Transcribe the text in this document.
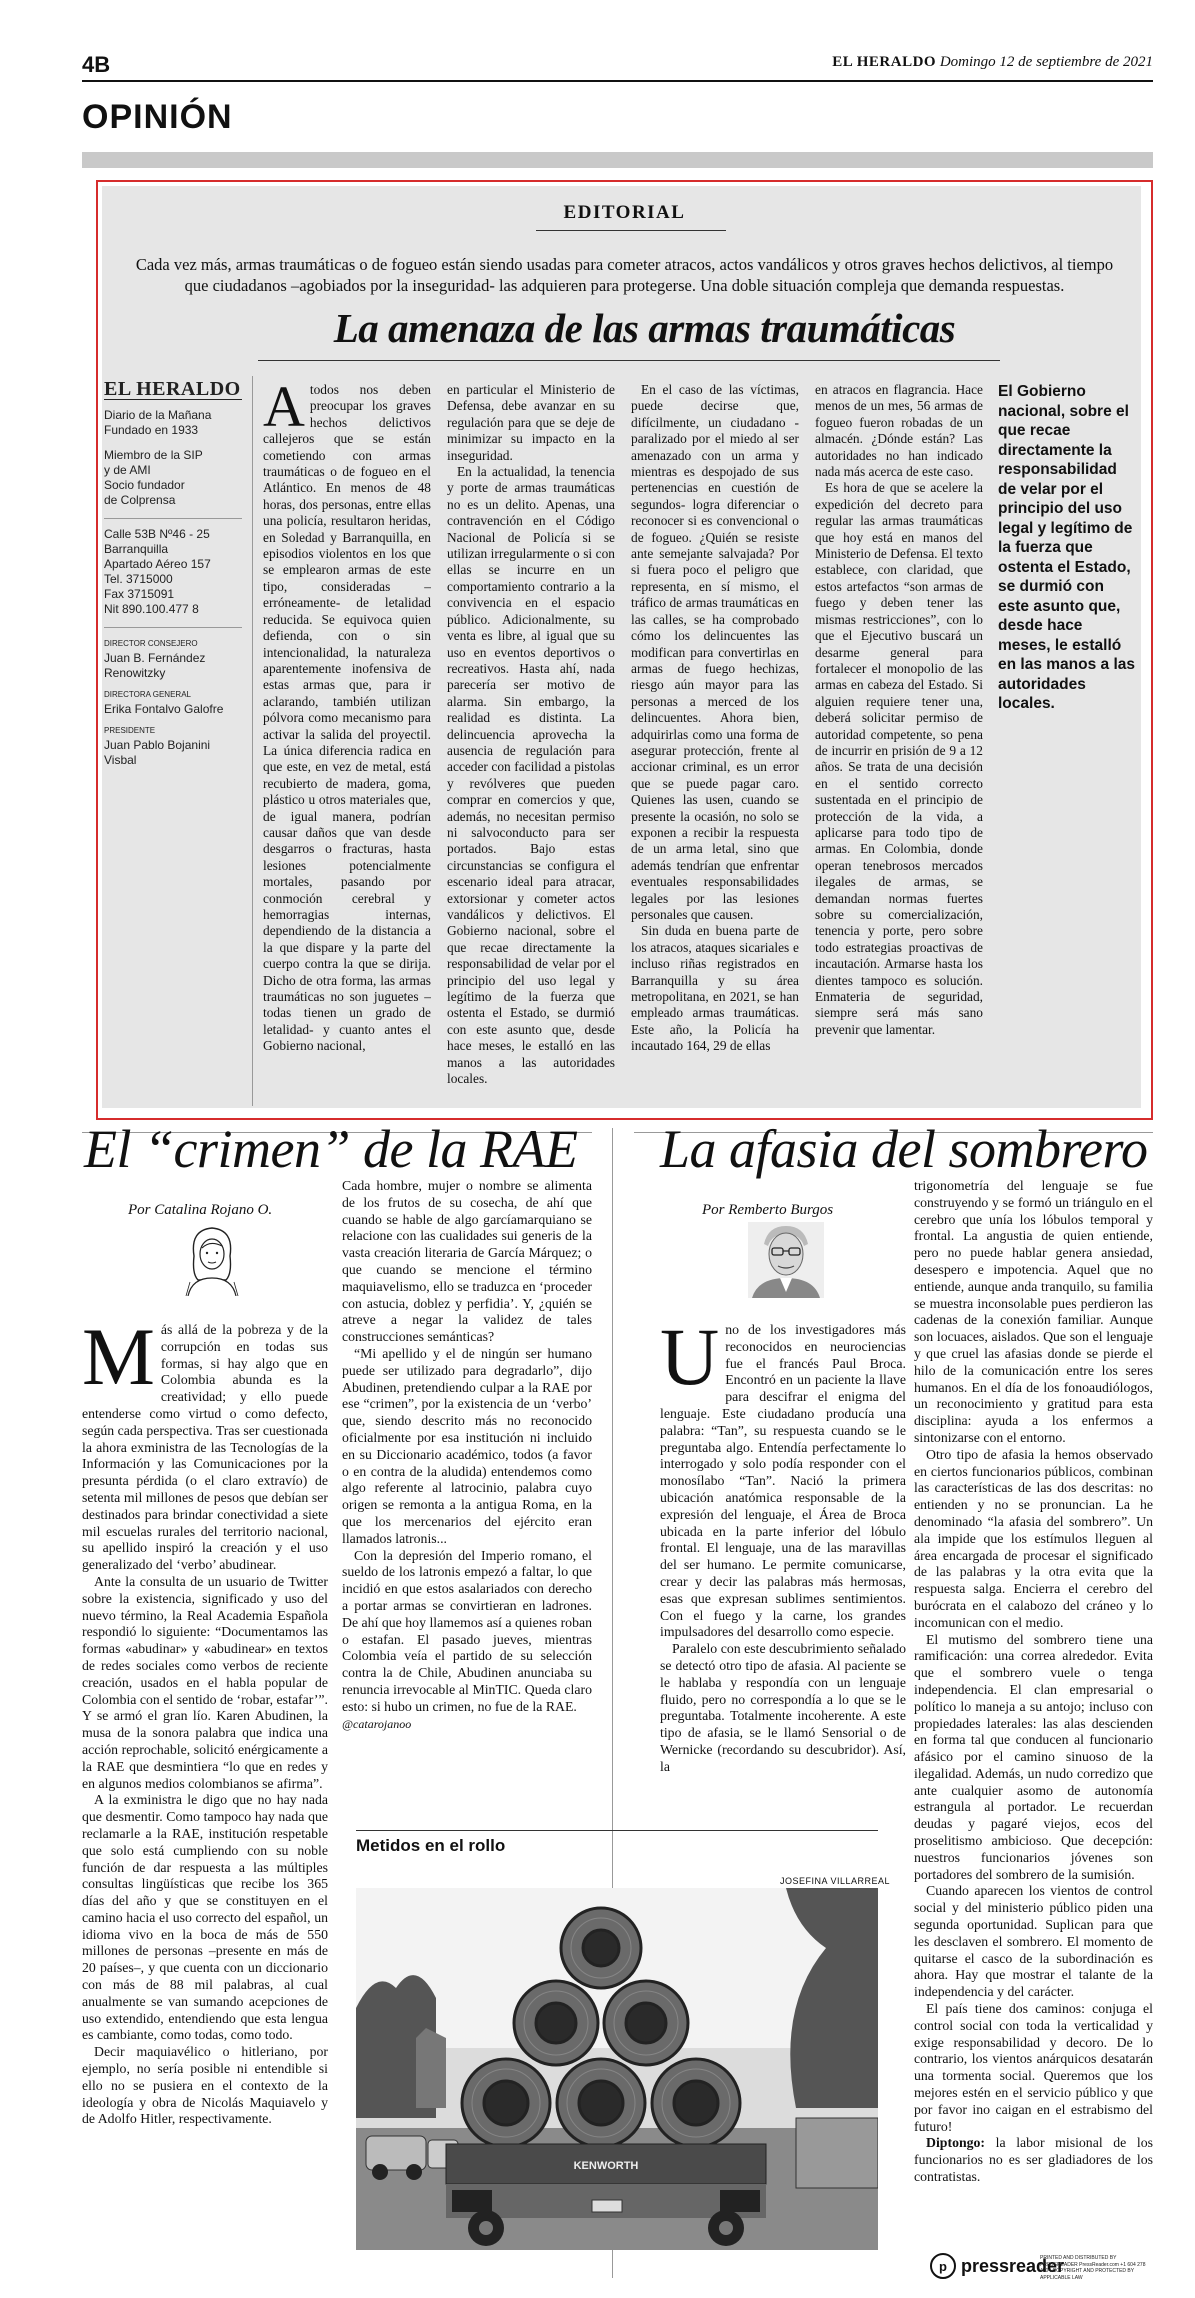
4B	EL HERALDO Domingo 12 de septiembre de 2021
OPINIÓN
EDITORIAL
Cada vez más, armas traumáticas o de fogueo están siendo usadas para cometer atracos, actos vandálicos y otros graves hechos delictivos, al tiempo que ciudadanos –agobiados por la inseguridad- las adquieren para protegerse. Una doble situación compleja que demanda respuestas.
La amenaza de las armas traumáticas
EL HERALDO
Diario de la Mañana
Fundado en 1933
Miembro de la SIP
y de AMI
Socio fundador
de Colprensa
Calle 53B Nº46 - 25
Barranquilla
Apartado Aéreo 157
Tel. 3715000
Fax 3715091
Nit 890.100.477 8
DIRECTOR CONSEJERO
Juan B. Fernández Renowitzky
DIRECTORA GENERAL
Erika Fontalvo Galofre
PRESIDENTE
Juan Pablo Bojanini Visbal

Atodos nos deben preocupar los graves hechos delictivos callejeros que se están cometiendo con armas traumáticas o de fogueo en el Atlántico. En menos de 48 horas, dos personas, entre ellas una policía, resultaron heridas, en Soledad y Barranquilla, en episodios violentos en los que se emplearon armas de este tipo, consideradas –erróneamente- de letalidad reducida. Se equivoca quien defienda, con o sin intencionalidad, la naturaleza aparentemente inofensiva de estas armas que, para ir aclarando, también utilizan pólvora como mecanismo para activar la salida del proyectil. La única diferencia radica en que este, en vez de metal, está recubierto de madera, goma, plástico u otros materiales que, de igual manera, podrían causar daños que van desde desgarros o fracturas, hasta lesiones potencialmente mortales, pasando por conmoción cerebral y hemorragias internas, dependiendo de la distancia a la que dispare y la parte del cuerpo contra la que se dirija. Dicho de otra forma, las armas traumáticas no son juguetes –todas tienen un grado de letalidad- y cuanto antes el Gobierno nacional,

en particular el Ministerio de Defensa, debe avanzar en su regulación para que se deje de minimizar su impacto en la inseguridad.

En la actualidad, la tenencia y porte de armas traumáticas no es un delito. Apenas, una contravención en el Código Nacional de Policía si se utilizan irregularmente o si con ellas se incurre en un comportamiento contrario a la convivencia en el espacio público. Adicionalmente, su venta es libre, al igual que su uso en eventos deportivos o recreativos. Hasta ahí, nada parecería ser motivo de alarma. Sin embargo, la realidad es distinta. La delincuencia aprovecha la ausencia de regulación para acceder con facilidad a pistolas y revólveres que pueden comprar en comercios y que, además, no necesitan permiso ni salvoconducto para ser portados. Bajo estas circunstancias se configura el escenario ideal para atracar, extorsionar y cometer actos vandálicos y delictivos. El Gobierno nacional, sobre el que recae directamente la responsabilidad de velar por el principio del uso legal y legítimo de la fuerza que ostenta el Estado, se durmió con este asunto que, desde hace meses, le estalló en las manos a las autoridades locales.

En el caso de las víctimas, puede decirse que, difícilmente, un ciudadano - paralizado por el miedo al ser amenazado con un arma y mientras es despojado de sus pertenencias en cuestión de segundos- logra diferenciar o reconocer si es convencional o de fogueo. ¿Quién se resiste ante semejante salvajada? Por si fuera poco el peligro que representa, en sí mismo, el tráfico de armas traumáticas en las calles, se ha comprobado cómo los delincuentes las modifican para convertirlas en armas de fuego hechizas, riesgo aún mayor para las personas a merced de los delincuentes. Ahora bien, adquirirlas como una forma de asegurar protección, frente al accionar criminal, es un error que se puede pagar caro. Quienes las usen, cuando se presente la ocasión, no solo se exponen a recibir la respuesta de un arma letal, sino que además tendrían que enfrentar eventuales responsabilidades legales por las lesiones personales que causen.

Sin duda en buena parte de los atracos, ataques sicariales e incluso riñas registrados en Barranquilla y su área metropolitana, en 2021, se han empleado armas traumáticas. Este año, la Policía ha incautado 164, 29 de ellas

en atracos en flagrancia. Hace menos de un mes, 56 armas de fogueo fueron robadas de un almacén. ¿Dónde están? Las autoridades no han indicado nada más acerca de este caso.

Es hora de que se acelere la expedición del decreto para regular las armas traumáticas que hoy está en manos del Ministerio de Defensa. El texto establece, con claridad, que estos artefactos “son armas de fuego y deben tener las mismas restricciones”, con lo que el Ejecutivo buscará un desarme general para fortalecer el monopolio de las armas en cabeza del Estado. Si alguien requiere tener una, deberá solicitar permiso de autoridad competente, so pena de incurrir en prisión de 9 a 12 años. Se trata de una decisión en el sentido correcto sustentada en el principio de protección de la vida, a aplicarse para todo tipo de armas. En Colombia, donde operan tenebrosos mercados ilegales de armas, se demandan normas fuertes sobre su comercialización, tenencia y porte, pero sobre todo estrategias proactivas de incautación. Armarse hasta los dientes tampoco es solución. Enmateria de seguridad, siempre será más sano prevenir que lamentar.

El Gobierno nacional, sobre el que recae directamente la responsabilidad de velar por el principio del uso legal y legítimo de la fuerza que ostenta el Estado, se durmió con este asunto que, desde hace meses, le estalló en las manos a las autoridades locales.
El “crimen” de la RAE
Por Catalina Rojano O.

Más allá de la pobreza y de la corrupción en todas sus formas, si hay algo que en Colombia abunda es la creatividad; y ello puede entenderse como virtud o como defecto, según cada perspectiva. Tras ser cuestionada la ahora exministra de las Tecnologías de la Información y las Comunicaciones por la presunta pérdida (o el claro extravío) de setenta mil millones de pesos que debían ser destinados para brindar conectividad a siete mil escuelas rurales del territorio nacional, su apellido inspiró la creación y el uso generalizado del ‘verbo’ abudinear.

Ante la consulta de un usuario de Twitter sobre la existencia, significado y uso del nuevo término, la Real Academia Española respondió lo siguiente: “Documentamos las formas «abudinar» y «abudinear» en textos de redes sociales como verbos de reciente creación, usados en el habla popular de Colombia con el sentido de ‘robar, estafar’”. Y se armó el gran lío. Karen Abudinen, la musa de la sonora palabra que indica una acción reprochable, solicitó enérgicamente a la RAE que desmintiera “lo que en redes y en algunos medios colombianos se afirma”.

A la exministra le digo que no hay nada que desmentir. Como tampoco hay nada que reclamarle a la RAE, institución respetable que solo está cumpliendo con su noble función de dar respuesta a las múltiples consultas lingüísticas que recibe los 365 días del año y que se constituyen en el camino hacia el uso correcto del español, un idioma vivo en la boca de más de 550 millones de personas –presente en más de 20 países–, y que cuenta con un diccionario con más de 88 mil palabras, al cual anualmente se van sumando acepciones de uso extendido, entendiendo que esta lengua es cambiante, como todas, como todo.

Decir maquiavélico o hitleriano, por ejemplo, no sería posible ni entendible si ello no se pusiera en el contexto de la ideología y obra de Nicolás Maquiavelo y de Adolfo Hitler, respectivamente.

Cada hombre, mujer o nombre se alimenta de los frutos de su cosecha, de ahí que cuando se hable de algo garcíamarquiano se relacione con las cualidades sui generis de la vasta creación literaria de García Márquez; o que cuando se mencione el término maquiavelismo, ello se traduzca en ‘proceder con astucia, doblez y perfidia’. Y, ¿quién se atreve a negar la validez de tales construcciones semánticas?

“Mi apellido y el de ningún ser humano puede ser utilizado para degradarlo”, dijo Abudinen, pretendiendo culpar a la RAE por ese “crimen”, por la existencia de un ‘verbo’ que, siendo descrito más no reconocido oficialmente por esa institución ni incluido en su Diccionario académico, todos (a favor o en contra de la aludida) entendemos como algo referente al latrocinio, palabra cuyo origen se remonta a la antigua Roma, en la que los mercenarios del ejército eran llamados latronis...

Con la depresión del Imperio romano, el sueldo de los latronis empezó a faltar, lo que incidió en que estos asalariados con derecho a portar armas se convirtieran en ladrones. De ahí que hoy llamemos así a quienes roban o estafan. El pasado jueves, mientras Colombia veía el partido de su selección contra la de Chile, Abudinen anunciaba su renuncia irrevocable al MinTIC. Queda claro esto: si hubo un crimen, no fue de la RAE.

@catarojanoo

La afasia del sombrero
Por Remberto Burgos

Uno de los investigadores más reconocidos en neurociencias fue el francés Paul Broca. Encontró en un paciente la llave para descifrar el enigma del lenguaje. Este ciudadano producía una palabra: “Tan”, su respuesta cuando se le preguntaba algo. Entendía perfectamente lo interrogado y solo podía responder con el monosílabo “Tan”. Nació la primera ubicación anatómica responsable de la expresión del lenguaje, el Área de Broca ubicada en la parte inferior del lóbulo frontal. El lenguaje, una de las maravillas del ser humano. Le permite comunicarse, crear y decir las palabras más hermosas, esas que expresan sublimes sentimientos. Con el fuego y la carne, los grandes impulsadores del desarrollo como especie.

Paralelo con este descubrimiento señalado se detectó otro tipo de afasia. Al paciente se le hablaba y respondía con un lenguaje fluido, pero no correspondía a lo que se le preguntaba. Totalmente incoherente. A este tipo de afasia, se le llamó Sensorial o de Wernicke (recordando su descubridor). Así, la

trigonometría del lenguaje se fue construyendo y se formó un triángulo en el cerebro que unía los lóbulos temporal y frontal. La angustia de quien entiende, pero no puede hablar genera ansiedad, desespero e impotencia. Aquel que no entiende, aunque anda tranquilo, su familia se muestra inconsolable pues perdieron las cadenas de la conexión familiar. Aunque son locuaces, aislados. Que son el lenguaje y que cruel las afasias donde se pierde el hilo de la comunicación entre los seres humanos. En el día de los fonoaudiólogos, un reconocimiento y gratitud para esta disciplina: ayuda a los enfermos a sintonizarse con el entorno.

Otro tipo de afasia la hemos observado en ciertos funcionarios públicos, combinan las características de las dos descritas: no entienden y no se pronuncian. La he denominado “la afasia del sombrero”. Un ala impide que los estímulos lleguen al área encargada de procesar el significado de las palabras y la otra evita que la respuesta salga. Encierra el cerebro del burócrata en el calabozo del cráneo y lo incomunican con el medio.

El mutismo del sombrero tiene una ramificación: una correa alrededor. Evita que el sombrero vuele o tenga independencia. El clan empresarial o político lo maneja a su antojo; incluso con propiedades laterales: las alas descienden en forma tal que conducen al funcionario afásico por el camino sinuoso de la ilegalidad. Además, un nudo corredizo que ante cualquier asomo de autonomía estrangula al portador. Le recuerdan deudas y pagaré viejos, ecos del proselitismo ambicioso. Que decepción: nuestros funcionarios jóvenes son portadores del sombrero de la sumisión.

Cuando aparecen los vientos de control social y del ministerio público piden una segunda oportunidad. Suplican para que les desclaven el sombrero. El momento de quitarse el casco de la subordinación es ahora. Hay que mostrar el talante de la independencia y del carácter.

El país tiene dos caminos: conjuga el control social con toda la verticalidad y exige responsabilidad y decoro. De lo contrario, los vientos anárquicos desatarán una tormenta social. Queremos que los mejores estén en el servicio público y que por favor ino caigan en el estrabismo del futuro!

Diptongo: la labor misional de los funcionarios no es ser gladiadores de los contratistas.

Metidos en el rollo
JOSEFINA VILLARREAL
KENWORTH
p pressreader
PRINTED AND DISTRIBUTED BY PRESSREADER PressReader.com +1 604 278 4604 COPYRIGHT AND PROTECTED BY APPLICABLE LAW
